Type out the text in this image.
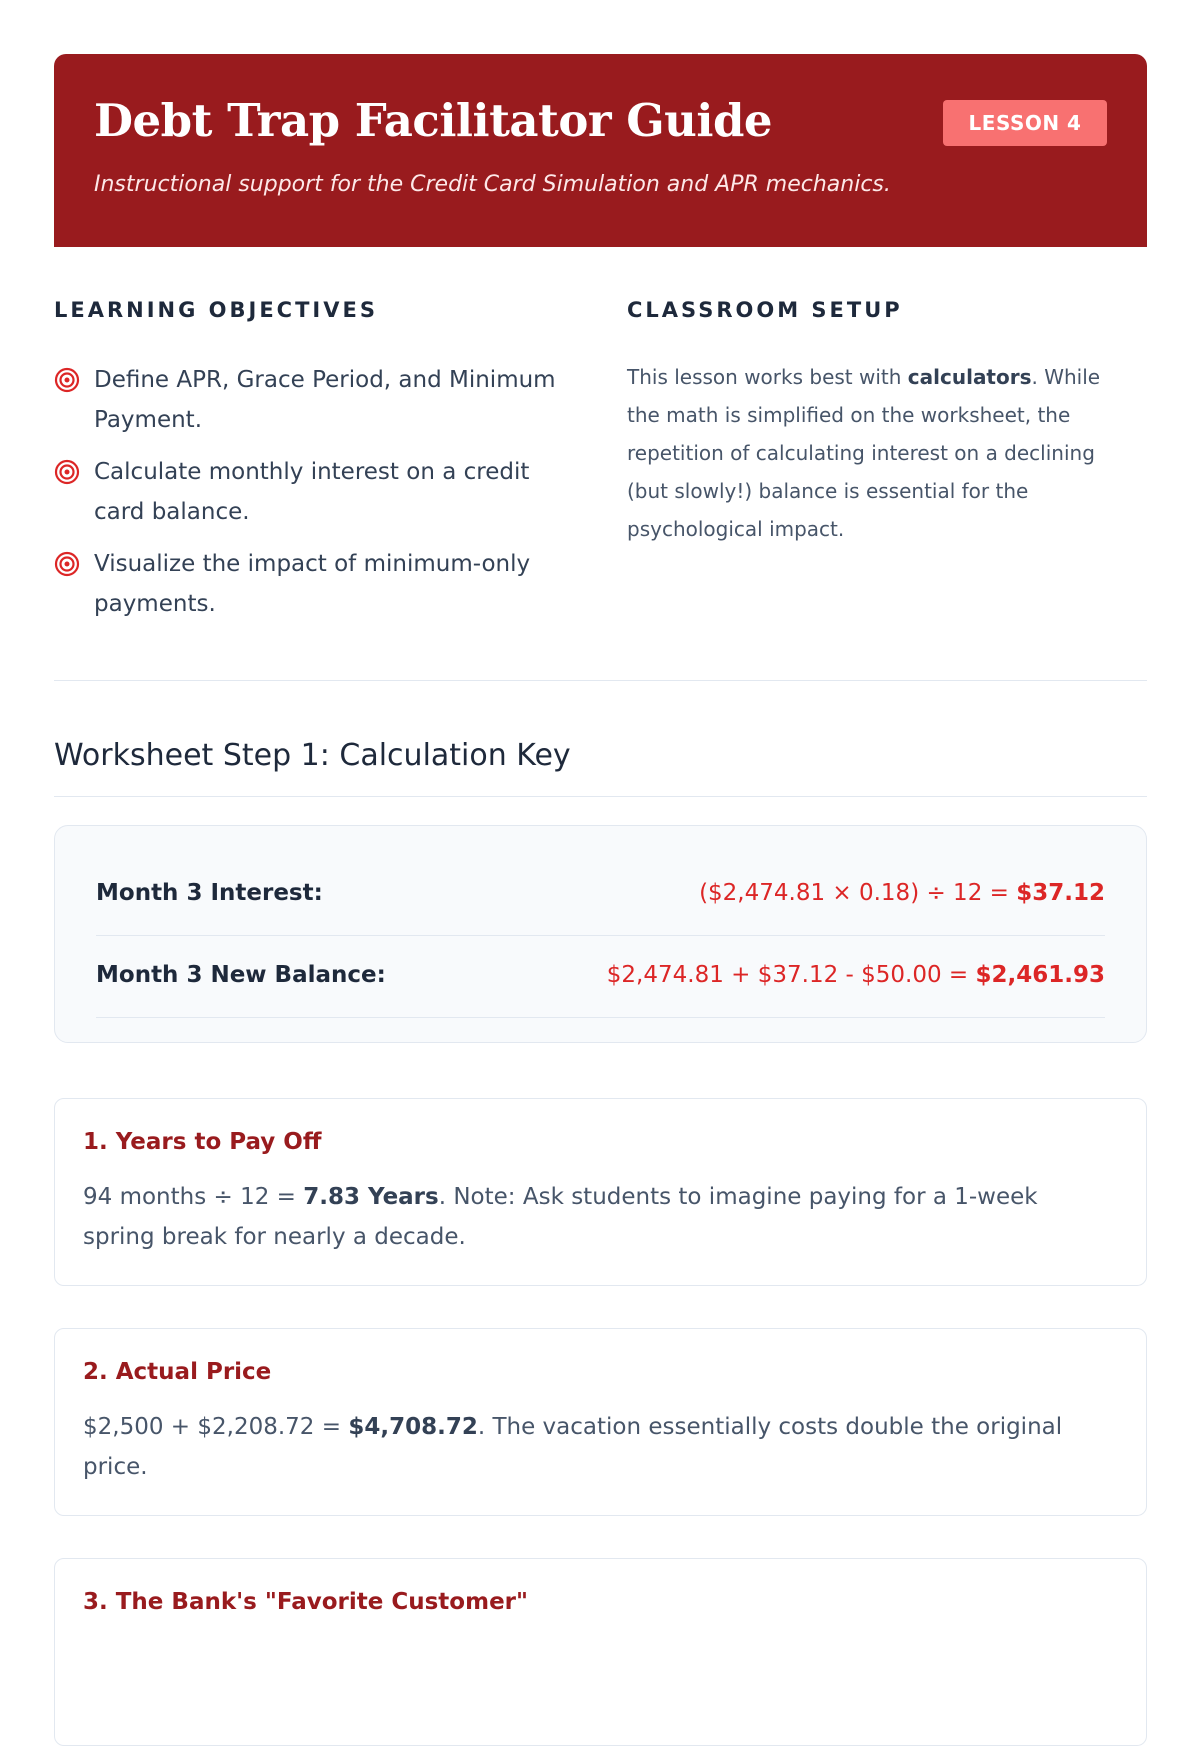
Debt Trap Facilitator Guide	LESSON 4
Instructional support for the Credit Card Simulation and APR mechanics.
LEARNING OBJECTIVES
Define APR, Grace Period, and Minimum Payment.
Calculate monthly interest on a credit card balance.
Visualize the impact of minimum-only payments.
CLASSROOM SETUP

This lesson works best with calculators. While the math is simplified on the worksheet, the repetition of calculating interest on a declining (but slowly!) balance is essential for the psychological impact.

Worksheet Step 1: Calculation Key
Month 3 Interest:	($2,474.81 × 0.18) ÷ 12 = $37.12
Month 3 New Balance:	$2,474.81 + $37.12 - $50.00 = $2,461.93
1. Years to Pay Off

94 months ÷ 12 = 7.83 Years. Note: Ask students to imagine paying for a 1-week spring break for nearly a decade.

2. Actual Price

$2,500 + $2,208.72 = $4,708.72. The vacation essentially costs double the original price.

3. The Bank's "Favorite Customer"
